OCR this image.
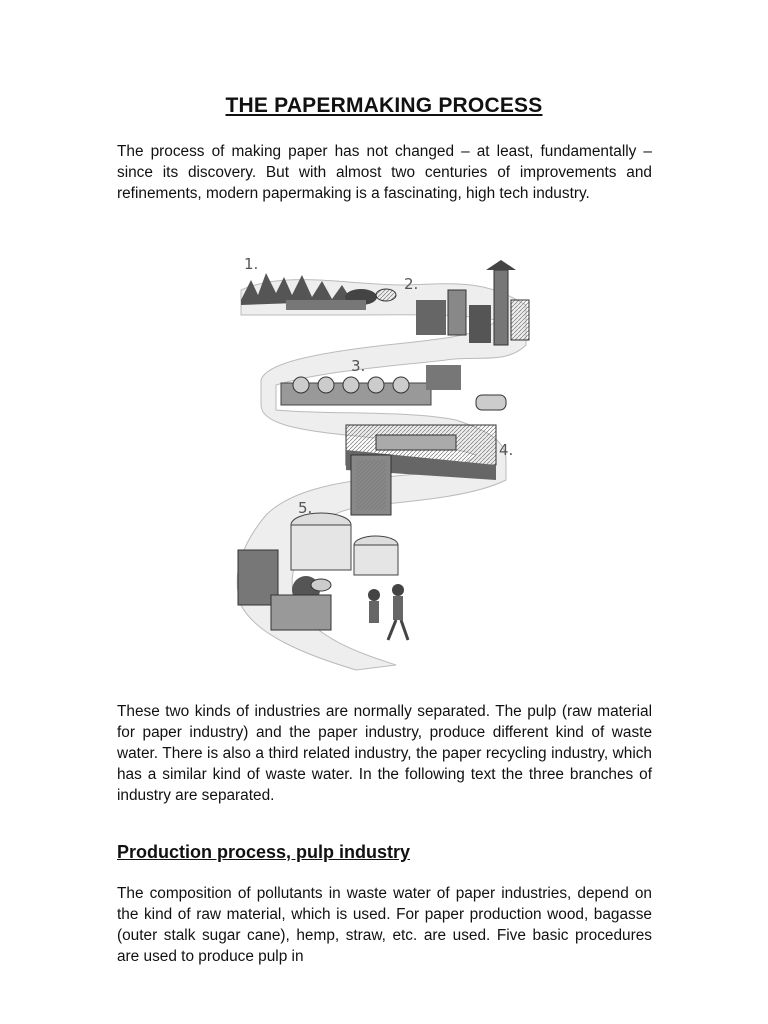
THE PAPERMAKING PROCESS
The process of making paper has not changed – at least, fundamentally – since its discovery. But with almost two centuries of improvements and refinements, modern papermaking is a fascinating, high tech industry.
1.
2.
3.
4.
5.
These two kinds of industries are normally separated. The pulp (raw material for paper industry) and the paper industry, produce different kind of waste water. There is also a third related industry, the paper recycling industry, which has a similar kind of waste water. In the following text the three branches of industry are separated.
Production process, pulp industry
The composition of pollutants in waste water of paper industries, depend on the kind of raw material, which is used. For paper production wood, bagasse (outer stalk sugar cane), hemp, straw, etc. are used. Five basic procedures are used to produce pulp in
